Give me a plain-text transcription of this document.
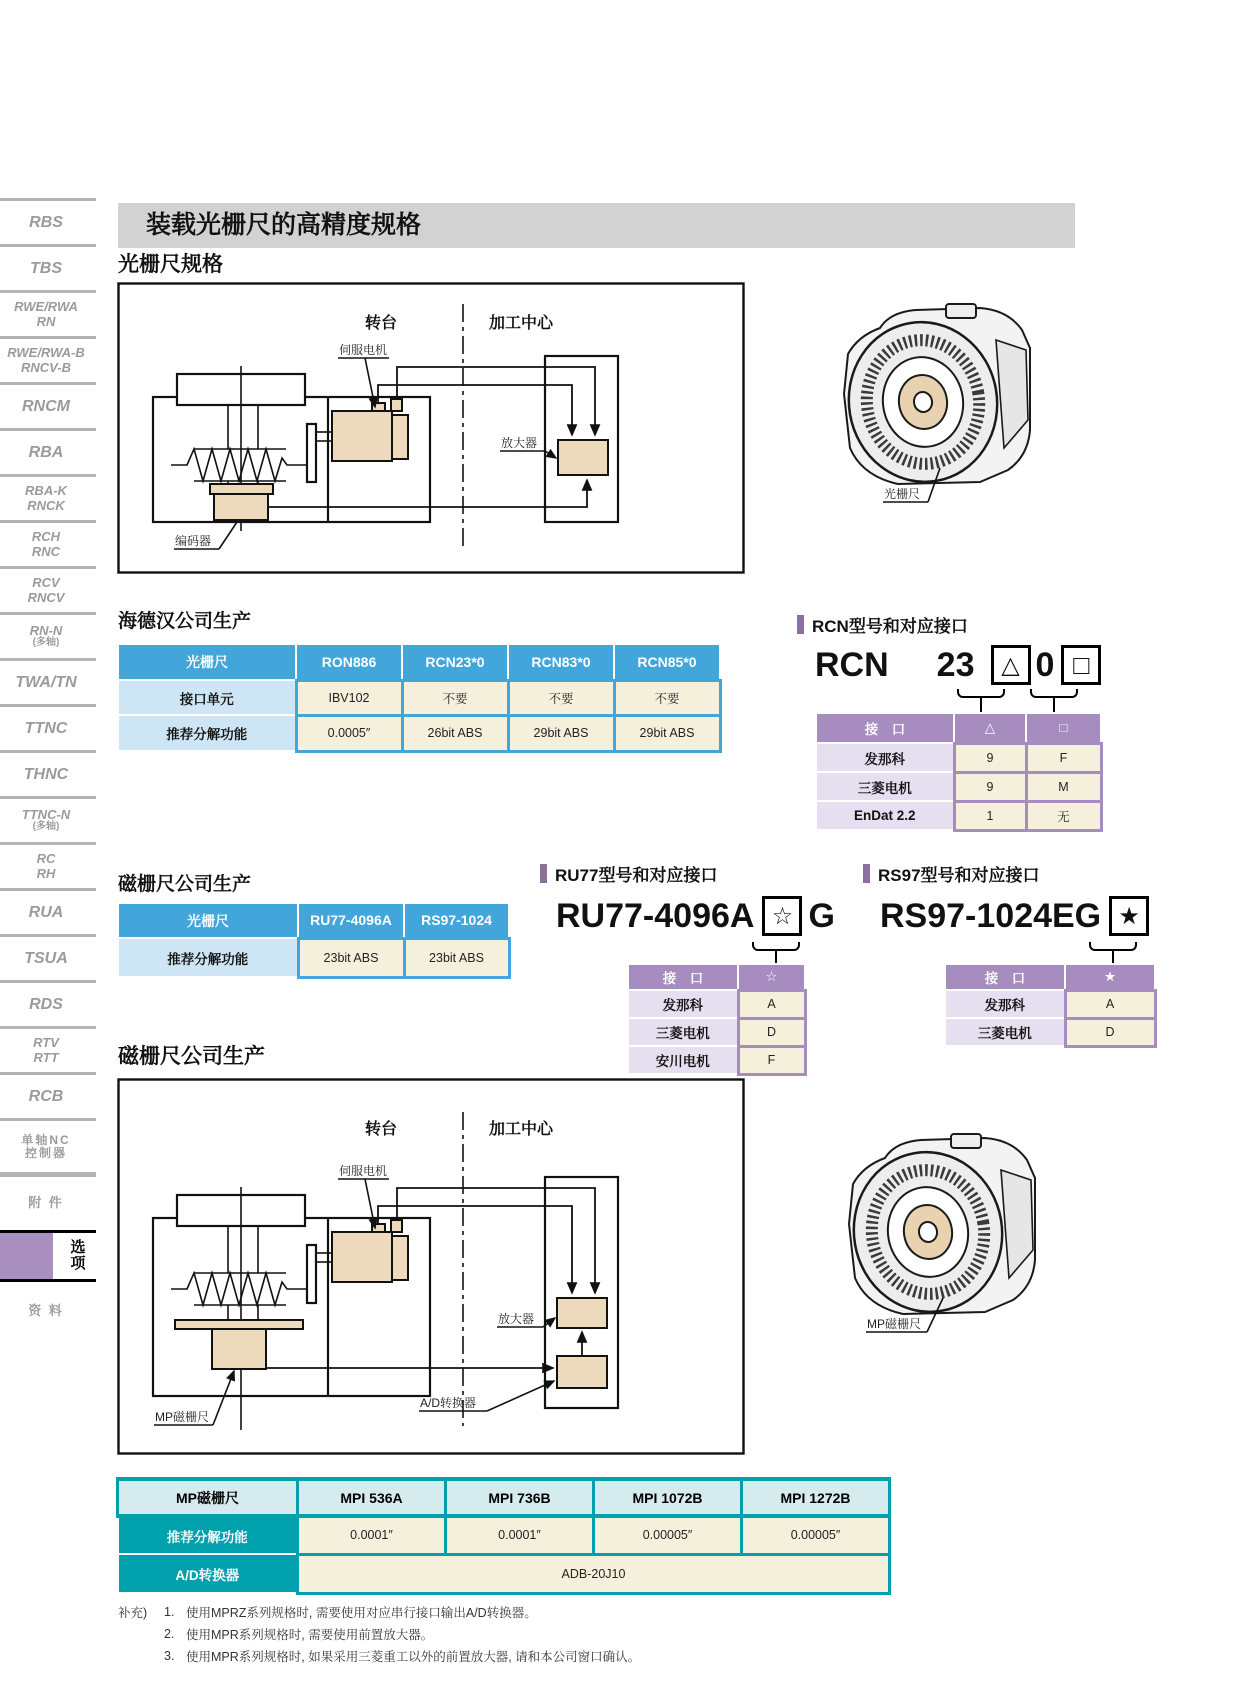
选 项
RBS
TBS
RWE/RWA
RN
RWE/RWA-B
RNCV-B
RNCM
RBA
RBA-K
RNCK
RCH
RNC
RCV
RNCV
RN-N
(多轴)
TWA/TN
TTNC
THNC
TTNC-N
(多轴)
RC
RH
RUA
TSUA
RDS
RTV
RTT
RCB
单轴NC
控制器
附 件
选 项
资 料
装载光栅尺的高精度规格
光栅尺规格
转台	加工中心
伺服电机
放大器
编码器
光栅尺
海德汉公司生产
光栅尺	RON886	RCN23*0	RCN83*0	RCN85*0
接口单元	IBV102	不要	不要	不要
推荐分解功能	0.0005″	26bit ABS	29bit ABS	29bit ABS
RCN型号和对应接口
RCN 23	△ 0 □
接　口	△	□
发那科	9	F
三菱电机	9	M
EnDat 2.2	1	无
磁栅尺公司生产
光栅尺	RU77-4096A	RS97-1024
推荐分解功能	23bit ABS	23bit ABS
RU77型号和对应接口
RU77-4096A ☆ G
接　口	☆
发那科	A
三菱电机	D
安川电机	F
RS97型号和对应接口
RS97-1024EG ★
接　口	★
发那科	A
三菱电机	D
磁栅尺公司生产
转台	加工中心
伺服电机
放大器
A/D转换器
MP磁栅尺
MP磁栅尺
MP磁栅尺	MPI 536A	MPI 736B	MPI 1072B	MPI 1272B
推荐分解功能	0.0001″	0.0001″	0.00005″	0.00005″
A/D转换器	ADB-20J10			
补充)	1. 使用MPRZ系列规格时, 需要使用对应串行接口输出A/D转换器。
2. 使用MPR系列规格时, 需要使用前置放大器。
3. 使用MPR系列规格时, 如果采用三菱重工以外的前置放大器, 请和本公司窗口确认。
